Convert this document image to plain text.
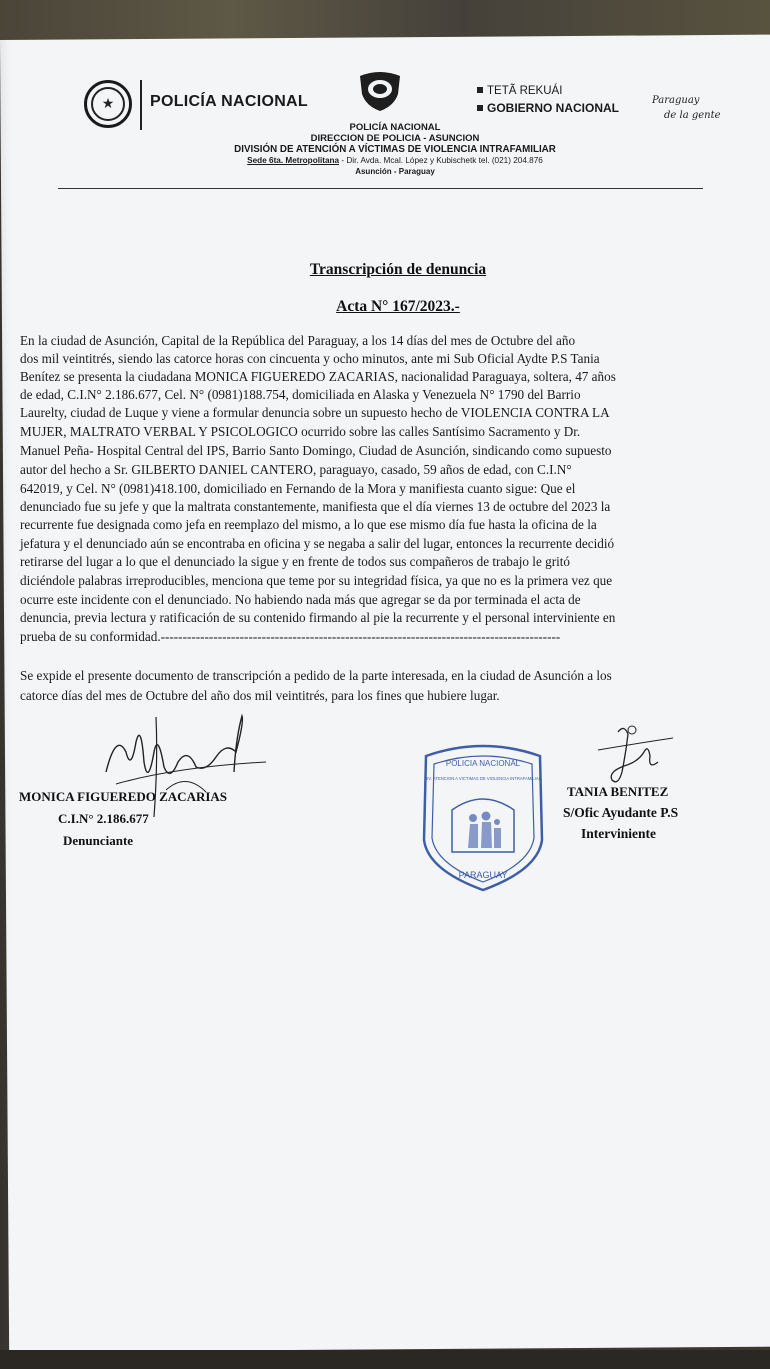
★	POLICÍA NACIONAL
TETÃ REKUÁI
GOBIERNO NACIONAL
Paraguay
de la gente
POLICÍA NACIONAL
DIRECCION DE POLICIA - ASUNCION
DIVISIÓN DE ATENCIÓN A VÍCTIMAS DE VIOLENCIA INTRAFAMILIAR
Sede 6ta. Metropolitana - Dir. Avda. Mcal. López y Kubischetk tel. (021) 204.876
Asunción - Paraguay
Transcripción de denuncia
Acta N° 167/2023.-
En la ciudad de Asunción, Capital de la República del Paraguay, a los 14 días del mes de Octubre del año
dos mil veintitrés, siendo las catorce horas con cincuenta y ocho minutos, ante mi Sub Oficial Aydte P.S Tania
Benítez se presenta la ciudadana MONICA FIGUEREDO ZACARIAS, nacionalidad Paraguaya, soltera, 47 años
de edad, C.I.N° 2.186.677, Cel. N° (0981)188.754, domiciliada en Alaska y Venezuela N° 1790 del Barrio
Laurelty, ciudad de Luque y viene a formular denuncia sobre un supuesto hecho de VIOLENCIA CONTRA LA
MUJER, MALTRATO VERBAL Y PSICOLOGICO ocurrido sobre las calles Santísimo Sacramento y Dr.
Manuel Peña- Hospital Central del IPS, Barrio Santo Domingo, Ciudad de Asunción, sindicando como supuesto
autor del hecho a Sr. GILBERTO DANIEL CANTERO, paraguayo, casado, 59 años de edad, con C.I.N°
642019, y Cel. N° (0981)418.100, domiciliado en Fernando de la Mora y manifiesta cuanto sigue: Que el
denunciado fue su jefe y que la maltrata constantemente, manifiesta que el día viernes 13 de octubre del 2023 la
recurrente fue designada como jefa en reemplazo del mismo, a lo que ese mismo día fue hasta la oficina de la
jefatura y el denunciado aún se encontraba en oficina y se negaba a salir del lugar, entonces la recurrente decidió
retirarse del lugar a lo que el denunciado la sigue y en frente de todos sus compañeros de trabajo le gritó
diciéndole palabras irreproducibles, menciona que teme por su integridad física, ya que no es la primera vez que
ocurre este incidente con el denunciado. No habiendo nada más que agregar se da por terminada el acta de
denuncia, previa lectura y ratificación de su contenido firmando al pie la recurrente y el personal interviniente en
prueba de su conformidad.-------------------------------------------------------------------------------------------
Se expide el presente documento de transcripción a pedido de la parte interesada, en la ciudad de Asunción a los
catorce días del mes de Octubre del año dos mil veintitrés, para los fines que hubiere lugar.
POLICIA NACIONAL
DIV. ATENCION A VICTIMAS DE VIOLENCIA INTRAFAMILIAR
PARAGUAY
MONICA FIGUEREDO ZACARIAS
C.I.N° 2.186.677
Denunciante
TANIA BENITEZ
S/Ofic Ayudante P.S
Interviniente
